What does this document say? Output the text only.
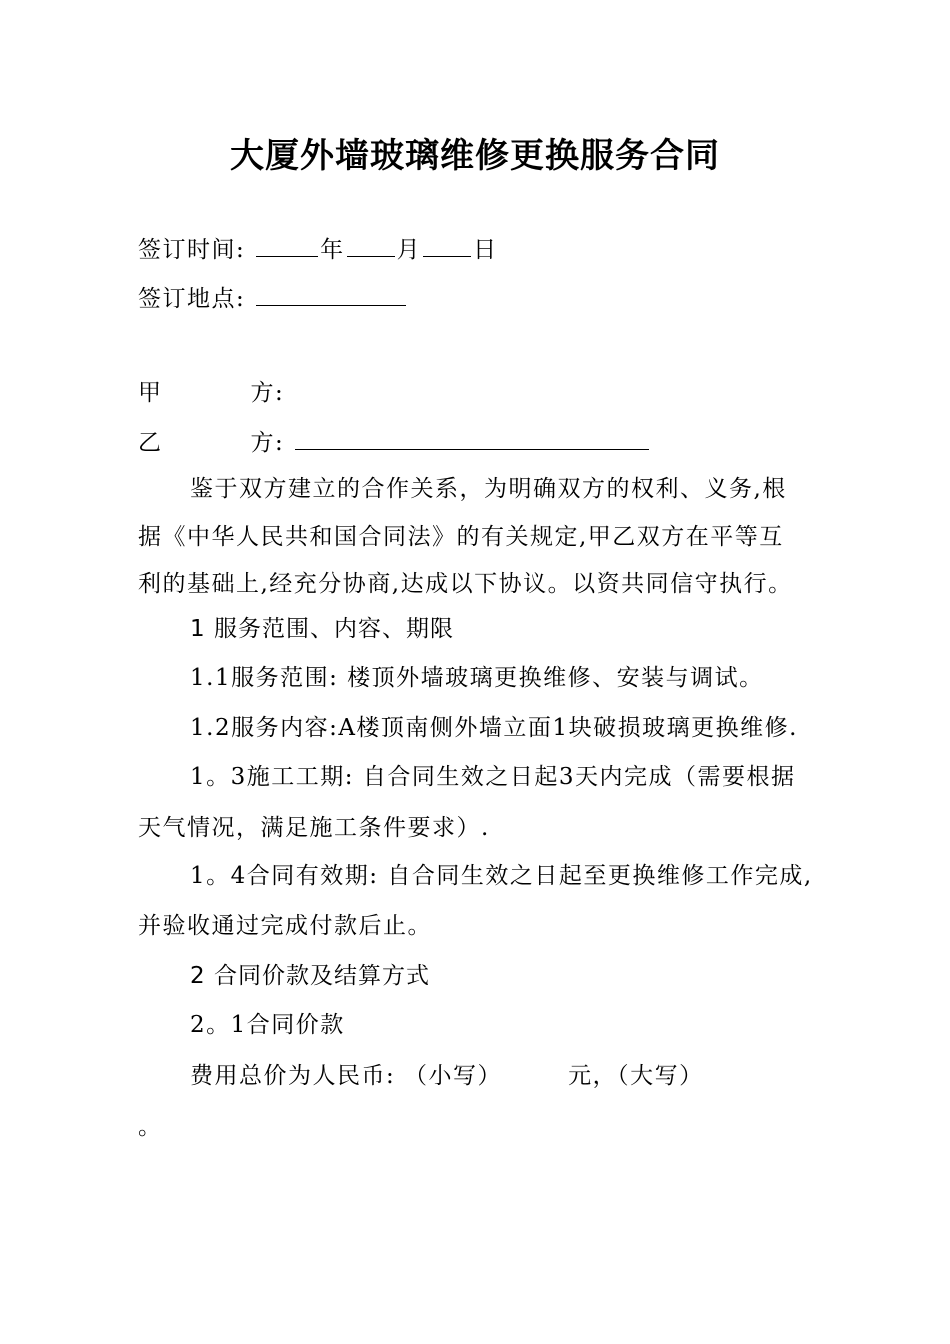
大厦外墙玻璃维修更换服务合同
签订时间:	年 月 日
签订地点:
甲	方:
乙	方:
鉴于双方建立的合作关系，为明确双方的权利、义务,根
据《中华人民共和国合同法》的有关规定,甲乙双方在平等互
利的基础上,经充分协商,达成以下协议。以资共同信守执行。
1 服务范围、内容、期限
1.1服务范围: 楼顶外墙玻璃更换维修、安装与调试。
1.2服务内容:A楼顶南侧外墙立面1块破损玻璃更换维修.
1。3施工工期: 自合同生效之日起3天内完成（需要根据
天气情况，满足施工条件要求）.
1。4合同有效期: 自合同生效之日起至更换维修工作完成,
并验收通过完成付款后止。
2 合同价款及结算方式
2。1合同价款
费用总价为人民币: （小写）	元，（大写）
。
